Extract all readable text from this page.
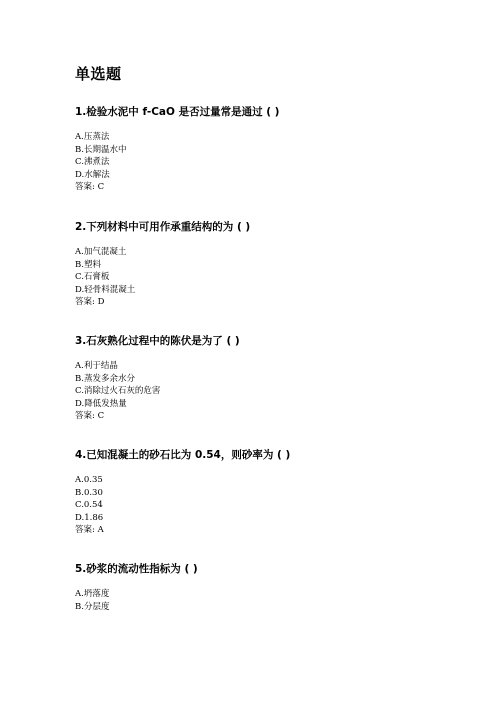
单选题

1.检验水泥中 f-CaO 是否过量常是通过 ( )

A.压蒸法
B.长期温水中
C.沸煮法
D.水解法

答案: C

2.下列材料中可用作承重结构的为 ( )

A.加气混凝土
B.塑料
C.石膏板
D.轻骨料混凝土

答案: D

3.石灰熟化过程中的陈伏是为了 ( )

A.利于结晶
B.蒸发多余水分
C.消除过火石灰的危害
D.降低发热量

答案: C

4.已知混凝土的砂石比为 0.54，则砂率为 ( )

A.0.35
B.0.30
C.0.54
D.1.86

答案: A

5.砂浆的流动性指标为 ( )

A.坍落度
B.分层度
